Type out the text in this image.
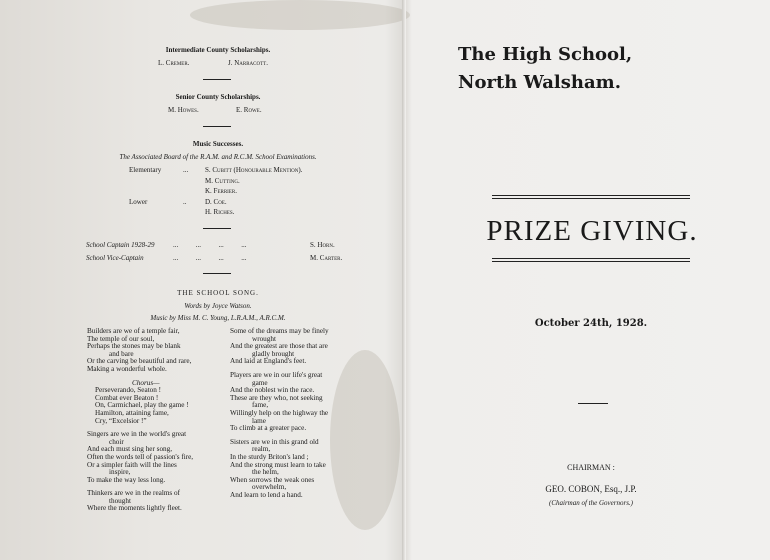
Intermediate County Scholarships.
L. Cremer.	J. Narracott.
Senior County Scholarships.
M. Howes.	E. Rowe.
Music Successes.
The Associated Board of the R.A.M. and R.C.M. School Examinations.
Elementary	... S. Cubitt (Honourable Mention).
M. Cutting.
K. Ferrier.
Lower	..	D. Coe.
H. Riches.
School Captain 1928-29	...          ...          ...          ...	S. Horn.
School Vice-Captain	...          ...          ...          ...	M. Carter.
THE SCHOOL SONG.
Words by Joyce Watson.
Music by Miss M. C. Young, L.R.A.M., A.R.C.M.
Builders are we of a temple fair,
The temple of our soul,
Perhaps the stones may be blank
and bare
Or the carving be beautiful and rare,
Making a wonderful whole.
Chorus—
Perseverando, Seaton !
Combat ever Beaton !
On, Carmichael, play the game !
Hamilton, attaining fame,
Cry, “Excelsior !”
Singers are we in the world's great
choir
And each must sing her song,
Often the words tell of passion's fire,
Or a simpler faith will the lines
inspire,
To make the way less long.
Thinkers are we in the realms of
thought
Where the moments lightly fleet.
Some of the dreams may be finely
wrought
And the greatest are those that are
gladly brought
And laid at England's feet.
Players are we in our life's great
game
And the noblest win the race.
These are they who, not seeking
fame,
Willingly help on the highway the
lame
To climb at a greater pace.
Sisters are we in this grand old
realm,
In the sturdy Briton's land ;
And the strong must learn to take
the helm,
When sorrows the weak ones
overwhelm,
And learn to lend a hand.
The High School,
North Walsham.
PRIZE GIVING.
October 24th, 1928.
CHAIRMAN :
GEO. COBON, Esq., J.P.
(Chairman of the Governors.)
